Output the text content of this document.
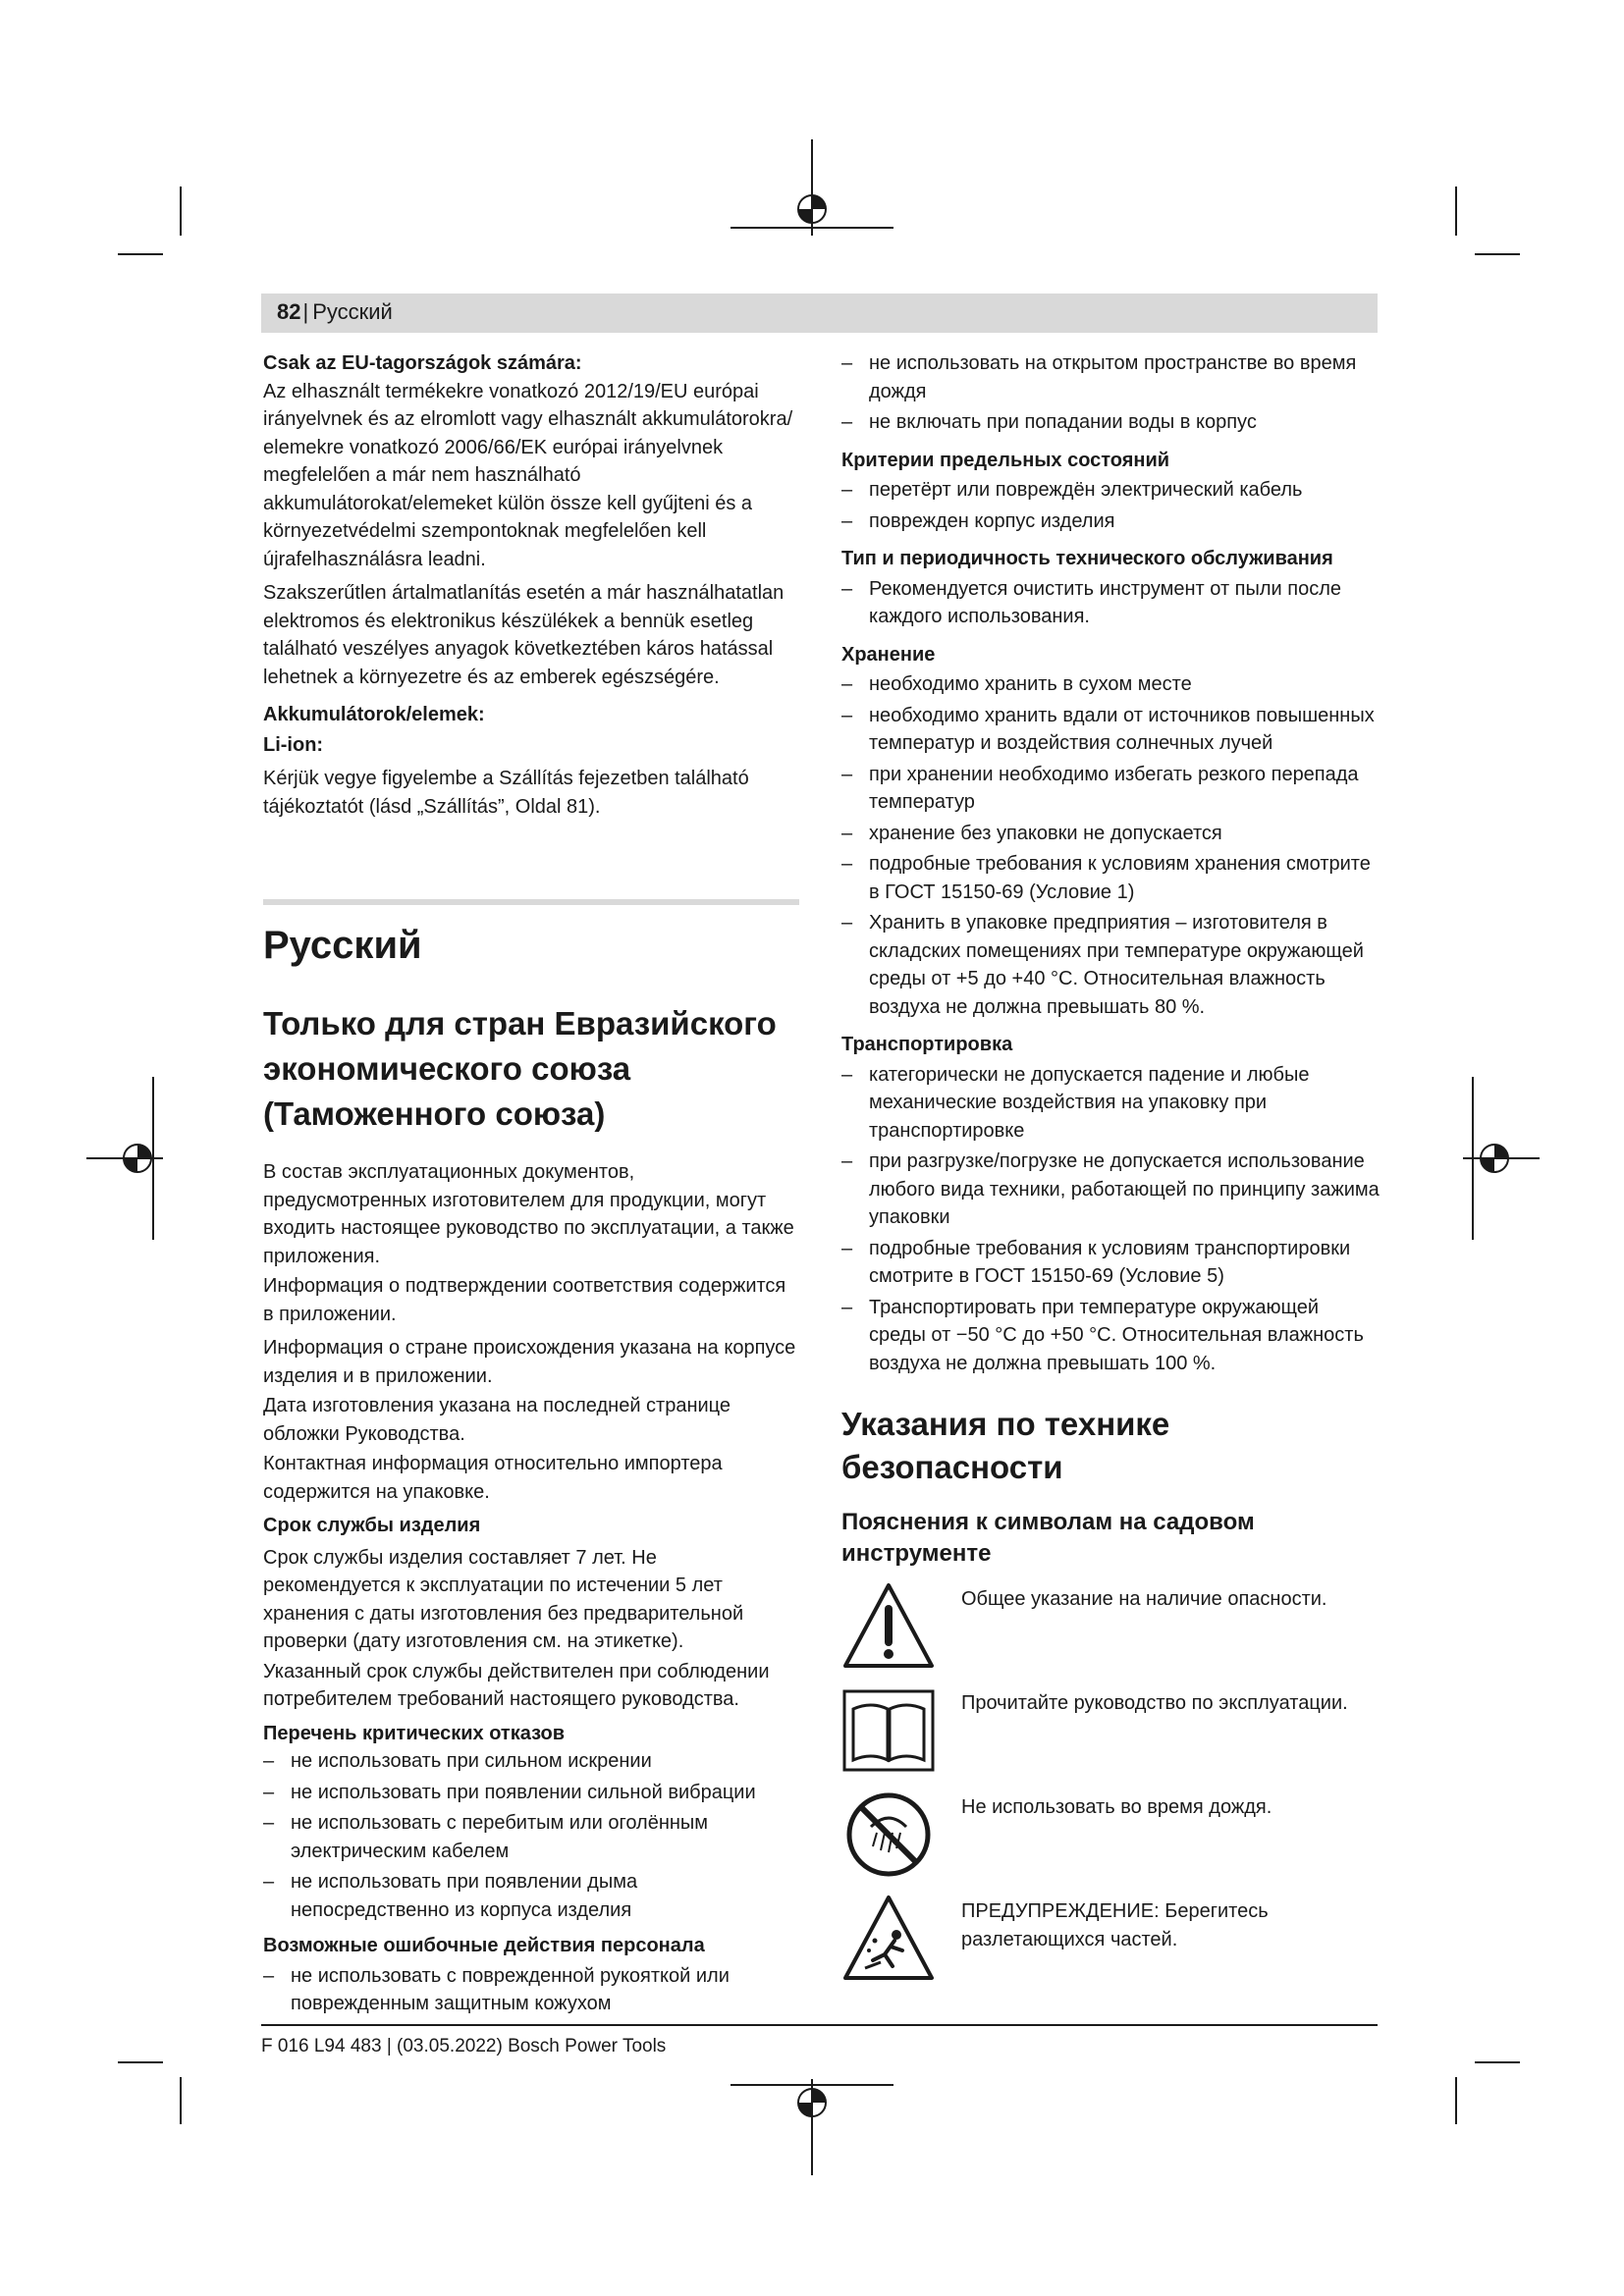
82| Русский
Csak az EU-tagországok számára:

Az elhasznált termékekre vonatkozó 2012/19/EU európai irányelvnek és az elromlott vagy elhasznált akkumulátorokra/ elemekre vonatkozó 2006/66/EK európai irányelvnek megfelelően a már nem használható akkumulátorokat/elemeket külön össze kell gyűjteni és a környezetvédelmi szempontoknak megfelelően kell újrafelhasználásra leadni.

Szakszerűtlen ártalmatlanítás esetén a már használhatatlan elektromos és elektronikus készülékek a bennük esetleg található veszélyes anyagok következtében káros hatással lehetnek a környezetre és az emberek egészségére.

Akkumulátorok/elemek:
Li-ion:

Kérjük vegye figyelembe a Szállítás fejezetben található tájékoztatót (lásd „Szállítás”, Oldal 81).

Русский
Только для стран Евразийского экономического союза (Таможенного союза)

В состав эксплуатационных документов, предусмотренных изготовителем для продукции, могут входить настоящее руководство по эксплуатации, а также приложения.

Информация о подтверждении соответствия содержится в приложении.

Информация о стране происхождения указана на корпусе изделия и в приложении.

Дата изготовления указана на последней странице обложки Руководства.

Контактная информация относительно импортера содержится на упаковке.

Срок службы изделия

Срок службы изделия составляет 7 лет. Не рекомендуется к эксплуатации по истечении 5 лет хранения с даты изготовления без предварительной проверки (дату изготовления см. на этикетке).

Указанный срок службы действителен при соблюдении потребителем требований настоящего руководства.

Перечень критических отказов
– не использовать при сильном искрении
– не использовать при появлении сильной вибрации
– не использовать с перебитым или оголённым электрическим кабелем
– не использовать при появлении дыма непосредственно из корпуса изделия
Возможные ошибочные действия персонала
– не использовать с поврежденной рукояткой или поврежденным защитным кожухом
– не использовать на открытом пространстве во время дождя
– не включать при попадании воды в корпус
Критерии предельных состояний
– перетёрт или повреждён электрический кабель
– поврежден корпус изделия
Тип и периодичность технического обслуживания
– Рекомендуется очистить инструмент от пыли после каждого использования.
Хранение
– необходимо хранить в сухом месте
– необходимо хранить вдали от источников повышенных температур и воздействия солнечных лучей
– при хранении необходимо избегать резкого перепада температур
– хранение без упаковки не допускается
– подробные требования к условиям хранения смотрите в ГОСТ 15150-69 (Условие 1)
– Хранить в упаковке предприятия – изготовителя в складских помещениях при температуре окружающей среды от +5 до +40 °C. Относительная влажность воздуха не должна превышать 80 %.
Транспортировка
– категорически не допускается падение и любые механические воздействия на упаковку при транспортировке
– при разгрузке/погрузке не допускается использование любого вида техники, работающей по принципу зажима упаковки
– подробные требования к условиям транспортировки смотрите в ГОСТ 15150-69 (Условие 5)
– Транспортировать при температуре окружающей среды от −50 °C до +50 °C. Относительная влажность воздуха не должна превышать 100 %.
Указания по технике безопасности
Пояснения к символам на садовом инструменте
Общее указание на наличие опасности.
Прочитайте руководство по эксплуатации.
Не использовать во время дождя.
ПРЕДУПРЕЖДЕНИЕ: Берегитесь разлетающихся частей.
F 016 L94 483 | (03.05.2022) Bosch Power Tools
